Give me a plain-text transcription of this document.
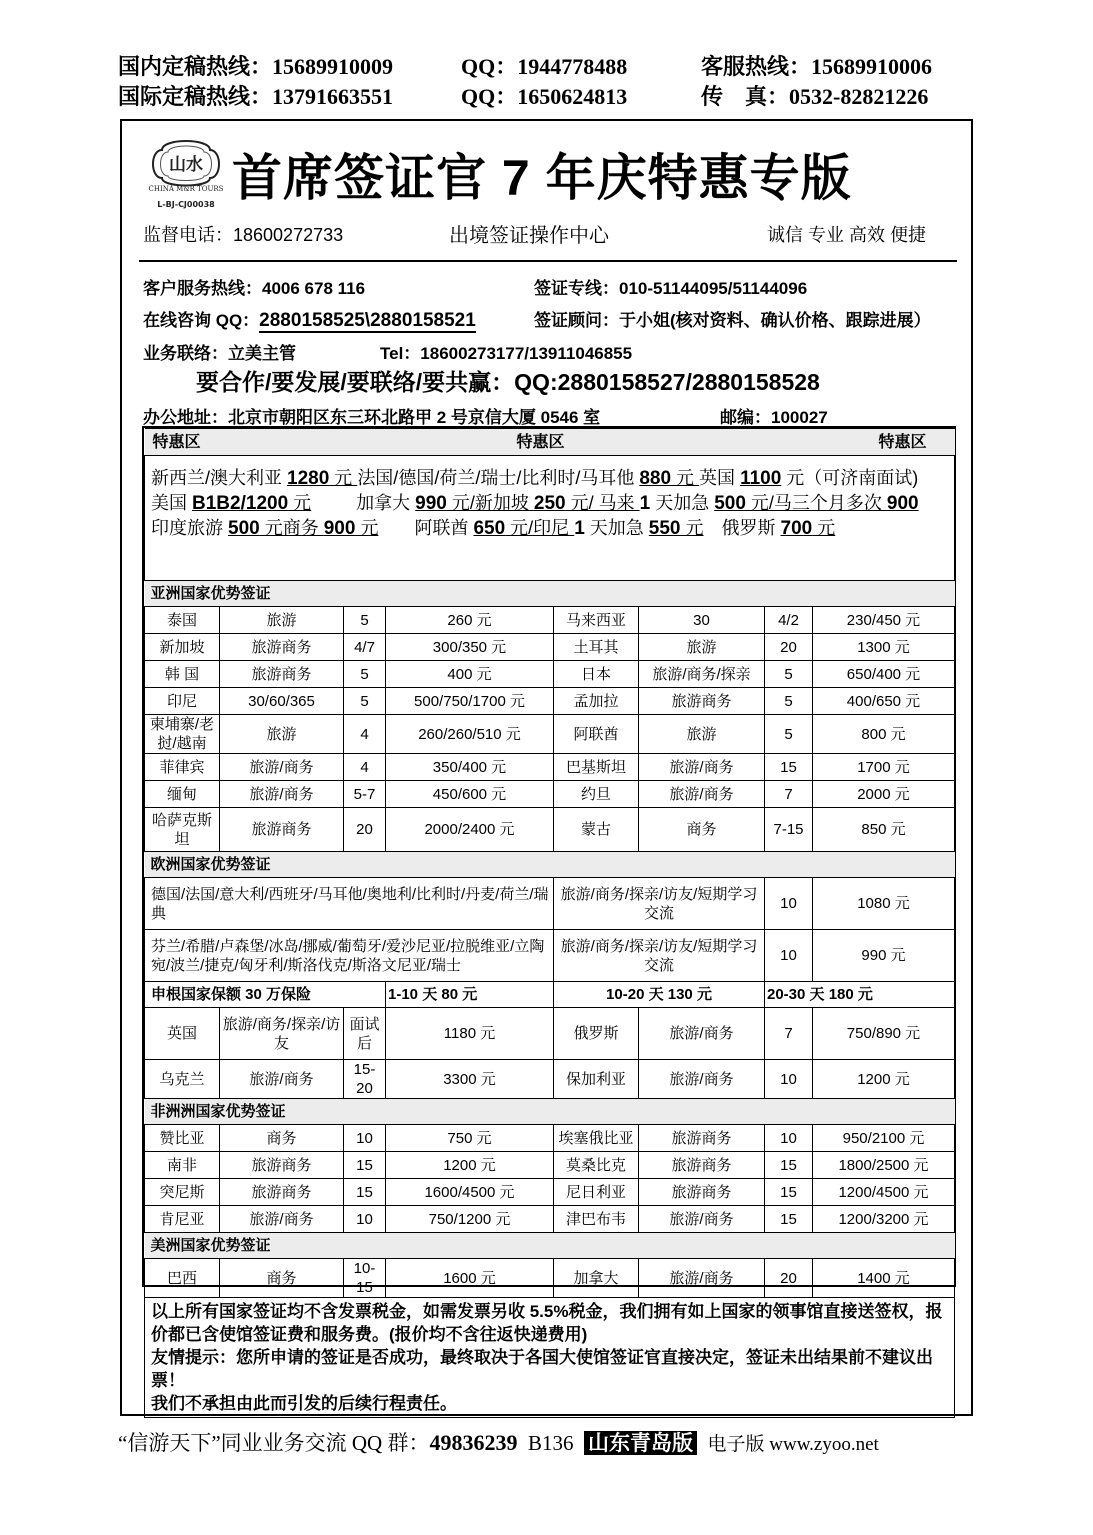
国内定稿热线：15689910009	QQ：1944778488	客服热线：15689910006
国际定稿热线：13791663551	QQ：1650624813	传　真：0532-82821226
山水
CHINA M&R TOURS
L-BJ-CJ00038 首席签证官 7 年庆特惠专版
监督电话：18600272733	出境签证操作中心	诚信 专业 高效 便捷
客户服务热线：4006 678 116	签证专线：010-51144095/51144096
在线咨询 QQ：2880158525\2880158521	签证顾问：于小姐(核对资料、确认价格、跟踪进展）
业务联络：立美主管	Tel：18600273177/13911046855
要合作/要发展/要联络/要共赢：QQ:2880158527/2880158528
办公地址：北京市朝阳区东三环北路甲 2 号京信大厦 0546 室	邮编：100027
特惠区 特惠区 特惠区							

新西兰/澳大利亚 1280 元 法国/德国/荷兰/瑞士/比利时/马耳他 880 元 英国 1100 元（可济南面试)
美国 B1B2/1200 元    加拿大 990 元/新加坡 250 元/ 马来 1 天加急 500 元/马三个月多次 900
印度旅游 500 元商务 900 元   阿联酋 650 元/印尼 1 天加急 550 元  俄罗斯 700 元							

亚洲国家优势签证							
泰国	旅游	5	260 元	马来西亚	30	4/2	230/450 元
新加坡	旅游商务	4/7	300/350 元	土耳其	旅游	20	1300 元
韩 国	旅游商务	5	400 元	日本	旅游/商务/探亲	5	650/400 元
印尼	30/60/365	5	500/750/1700 元	孟加拉	旅游商务	5	400/650 元
柬埔寨/老挝/越南	旅游	4	260/260/510 元	阿联酋	旅游	5	800 元
菲律宾	旅游/商务	4	350/400 元	巴基斯坦	旅游/商务	15	1700 元
缅甸	旅游/商务	5-7	450/600 元	约旦	旅游/商务	7	2000 元
哈萨克斯坦	旅游商务	20	2000/2400 元	蒙古	商务	7-15	850 元
欧洲国家优势签证							
德国/法国/意大利/西班牙/马耳他/奥地利/比利时/丹麦/荷兰/瑞典				旅游/商务/探亲/访友/短期学习交流		10	1080 元
芬兰/希腊/卢森堡/冰岛/挪威/葡萄牙/爱沙尼亚/拉脱维亚/立陶宛/波兰/捷克/匈牙利/斯洛伐克/斯洛文尼亚/瑞士				旅游/商务/探亲/访友/短期学习交流		10	990 元
申根国家保额 30 万保险			1-10 天 80 元	10-20 天 130 元		20-30 天 180 元	
英国	旅游/商务/探亲/访友	面试后	1180 元	俄罗斯	旅游/商务	7	750/890 元
乌克兰	旅游/商务	15-20	3300 元	保加利亚	旅游/商务	10	1200 元
非洲洲国家优势签证							
赞比亚	商务	10	750 元	埃塞俄比亚	旅游商务	10	950/2100 元
南非	旅游商务	15	1200 元	莫桑比克	旅游商务	15	1800/2500 元
突尼斯	旅游商务	15	1600/4500 元	尼日利亚	旅游商务	15	1200/4500 元
肯尼亚	旅游/商务	10	750/1200 元	津巴布韦	旅游/商务	15	1200/3200 元
美洲国家优势签证							
巴西	商务	10-15	1600 元	加拿大	旅游/商务	20	1400 元

以上所有国家签证均不含发票税金，如需发票另收 5.5%税金，我们拥有如上国家的领事馆直接送签权，报价都已含使馆签证费和服务费。(报价均不含往返快递费用)
友情提示：您所申请的签证是否成功，最终取决于各国大使馆签证官直接决定，签证未出结果前不建议出票！
我们不承担由此而引发的后续行程责任。							
“信游天下”同业业务交流 QQ 群：49836239  B136  山东青岛版  电子版 www.zyoo.net
